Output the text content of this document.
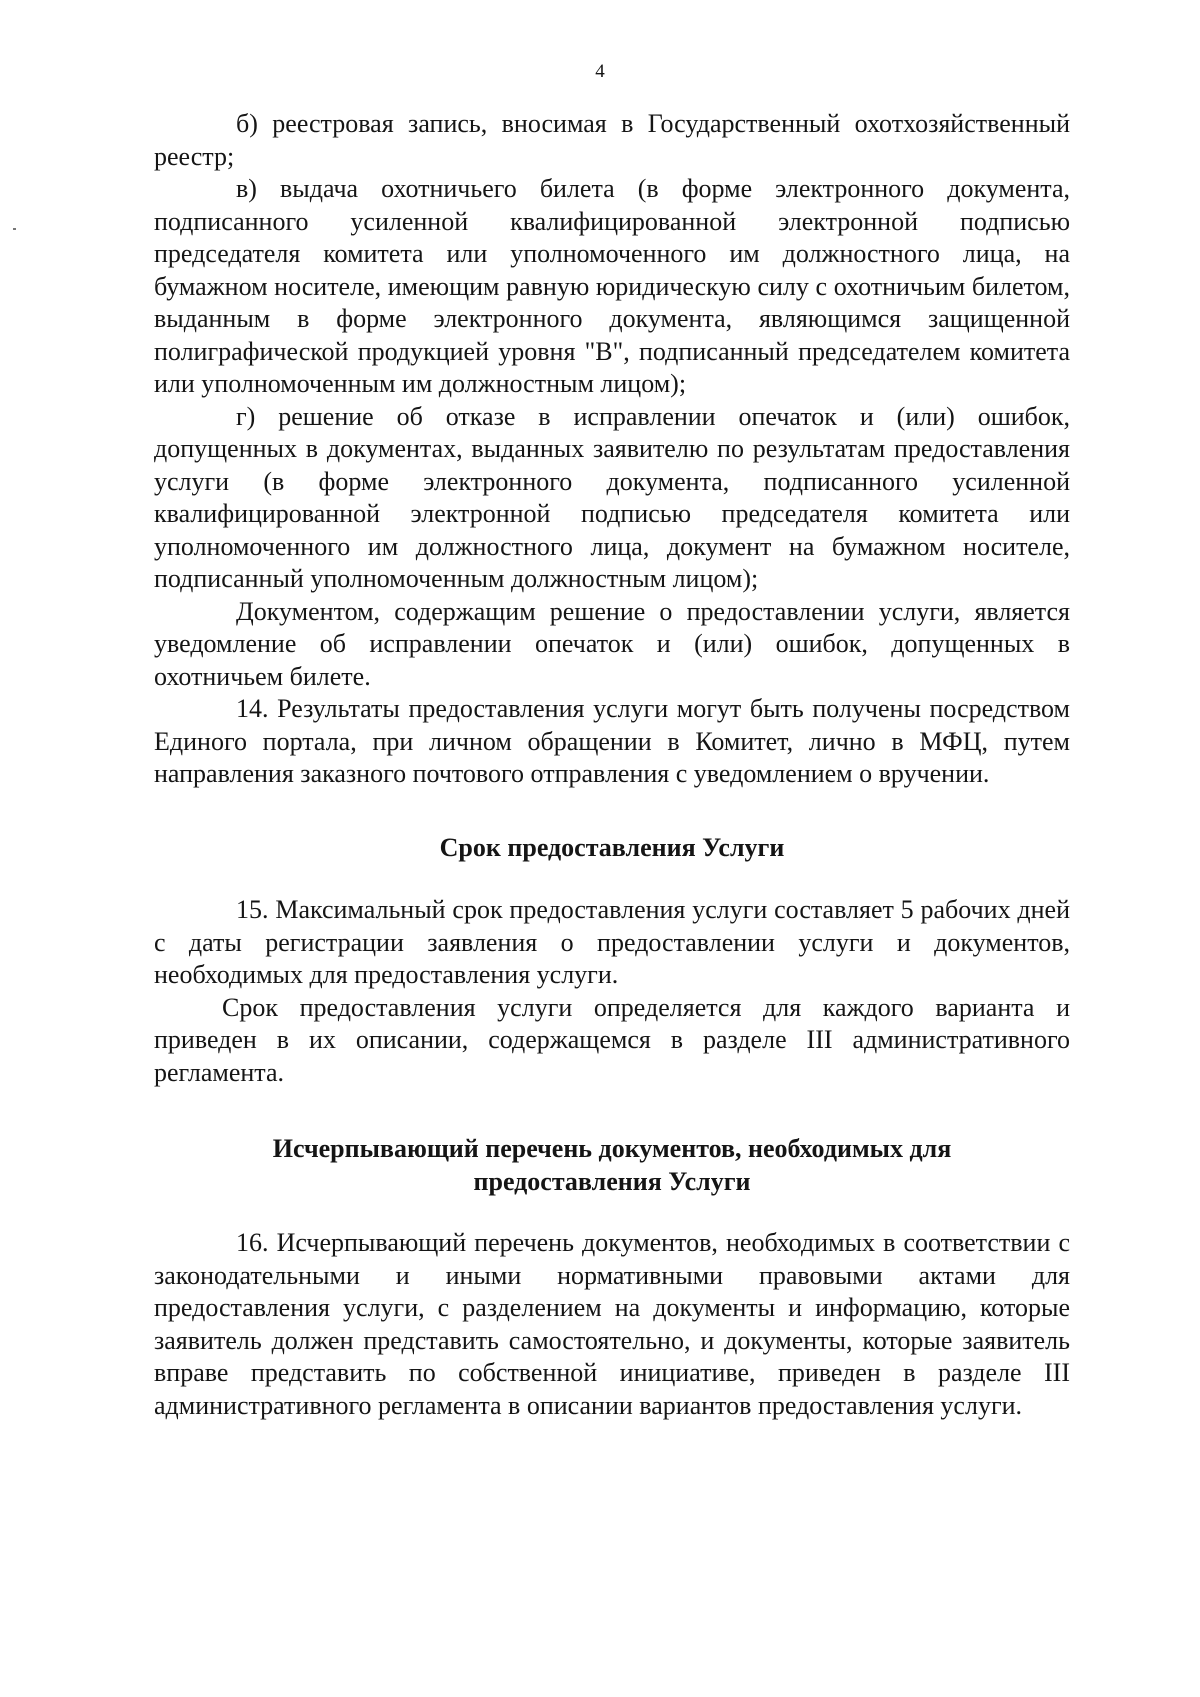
4

б) реестровая запись, вносимая в Государственный охотхозяйственный реестр;

в) выдача охотничьего билета (в форме электронного документа, подписанного усиленной квалифицированной электронной подписью председателя комитета или уполномоченного им должностного лица, на бумажном носителе, имеющим равную юридическую силу с охотничьим билетом, выданным в форме электронного документа, являющимся защищенной полиграфической продукцией уровня "В", подписанный председателем комитета или уполномоченным им должностным лицом);

г) решение об отказе в исправлении опечаток и (или) ошибок, допущенных в документах, выданных заявителю по результатам предоставления услуги (в форме электронного документа, подписанного усиленной квалифицированной электронной подписью председателя комитета или уполномоченного им должностного лица, документ на бумажном носителе, подписанный уполномоченным должностным лицом);

Документом, содержащим решение о предоставлении услуги, является уведомление об исправлении опечаток и (или) ошибок, допущенных в охотничьем билете.

14. Результаты предоставления услуги могут быть получены посредством Единого портала, при личном обращении в Комитет, лично в МФЦ, путем направления заказного почтового отправления с уведомлением о вручении.

Срок предоставления Услуги

15. Максимальный срок предоставления услуги составляет 5 рабочих дней с даты регистрации заявления о предоставлении услуги и документов, необходимых для предоставления услуги.

Срок предоставления услуги определяется для каждого варианта и приведен в их описании, содержащемся в разделе III административного регламента.

Исчерпывающий перечень документов, необходимых для
предоставления Услуги

16. Исчерпывающий перечень документов, необходимых в соответствии с законодательными и иными нормативными правовыми актами для предоставления услуги, с разделением на документы и информацию, которые заявитель должен представить самостоятельно, и документы, которые заявитель вправе представить по собственной инициативе, приведен в разделе III административного регламента в описании вариантов предоставления услуги.
